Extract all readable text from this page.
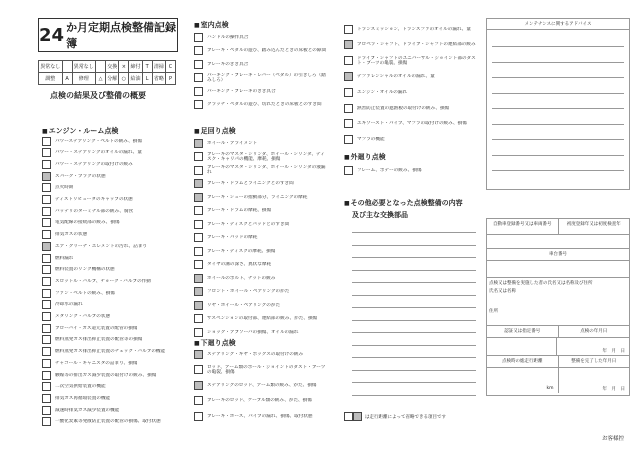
24 か月定期点検整備記録簿
異常なし		異常なし		交換	×	締付	T	清掃	C
調整	A	修理	△	分解	○	給油	L	省略	P
点検の結果及び整備の概要
■ エンジン・ルーム点検
パワーステアリング・ベルトの緩み、損傷
パワー・ステアリングのオイルの漏れ、量
パワー・ステアリングの取付けの緩み
スパーク・プラグの状態
点火時期
ディストリビュータのキャップの状態
バッテリのターミナル部の緩み、腐食
電気配線の接続部の緩み、損傷
排気ガスの状態
エア・クリーナ・エレメントの汚れ、詰まり
燃料漏れ
燃料装置のリンク機構の状態
スロットル・バルブ、チョーク・バルブの作動
ファン・ベルトの緩み、損傷
冷却水の漏れ
メタリング・バルブの状態
ブローバイ・ガス還元装置の配管の損傷
燃料蒸発ガス排出抑止装置の配管等の損傷
燃料蒸発ガス排出抑止装置のチェック・バルブの機能
チャコール・キャニスタの詰まり、損傷
触媒等の排出ガス減少装置の取付けの緩み、損傷
二次空気供給装置の機能
排気ガス再循環装置の機能
減速時排気ガス減少装置の機能
一酸化炭素等発散防止装置の配管の損傷、取付状態
■ 室内点検
ハンドルの操作具合
ブレーキ・ペダルの遊び、踏み込んだときの床板との隙間
ブレーキのきき具合
パーキング・ブレーキ・レバー（ペダル）の引きしろ（踏みしろ）
パーキング・ブレーキのきき具合
クラッチ・ペダルの遊び、切れたときの床板とのすき間
■ 足回り点検
ホイール・アライメント
ブレーキのマスタ・シリンダ、ホイール・シリンダ、ディスク・キャリパの機能、摩耗、損傷
ブレーキのマスタ・シリンダ、ホイール・シリンダの液漏れ
ブレーキ・ドラムとライニングとのすき間
ブレーキ・シューの摺動部分、ライニングの摩耗
ブレーキ・ドラムの摩耗、損傷
ブレーキ・ディスクとパッドとのすき間
ブレーキ・パッドの摩耗
ブレーキ・ディスクの摩耗、損傷
タイヤの溝の深さ、異状な摩耗
ホイールのボルト、ナットの緩み
フロント・ホイール・ベアリングのがた
リヤ・ホイール・ベアリングのがた
サスペンションの取付部、連結部の緩み、がた、損傷
ショック・アブソーバの損傷、オイルの漏れ
■ 下廻り点検
ステアリング・ギヤ・ボックスの取付けの緩み
ロッド、アーム類のボール・ジョイントのダスト・ブーツの亀裂、損傷
ステアリングのロッド、アーム類の緩み、がた、損傷
ブレーキのロッド、ケーブル類の緩み、がた、損傷
ブレーキ・ホース、パイプの漏れ、損傷、取付状態
トランスミッション、トランスファのオイルの漏れ、量
プロペラ・シャフト、ドライブ・シャフトの連結部の緩み
ドライブ・シャフトのユニバーサル・ジョイント部のダスト・ブーツの亀裂、損傷
デファレンシャルのオイルの漏れ、量
エンジン・オイルの漏れ
熱害防止装置の遮熱板の取付けの緩み、損傷
エキゾースト・パイプ、マフラの取付けの緩み、損傷
マフラの機能
■ 外廻り点検
フレーム、ボデーの緩み、損傷
■ その他必要となった点検整備の内容
及び主な交換部品
は走行距離によって省略できる項目です
メンテナンスに関するアドバイス
自動車登録番号又は車両番号	初度登録年又は初度検査年
車台番号
点検又は整備を実施した者の氏名又は名称及び住所
氏名又は名称
住所
認証又は指定番号	点検の年月日
年　月　日
点検時の総走行距離	整備を完了した年月日
km	年　月　日
お客様控
